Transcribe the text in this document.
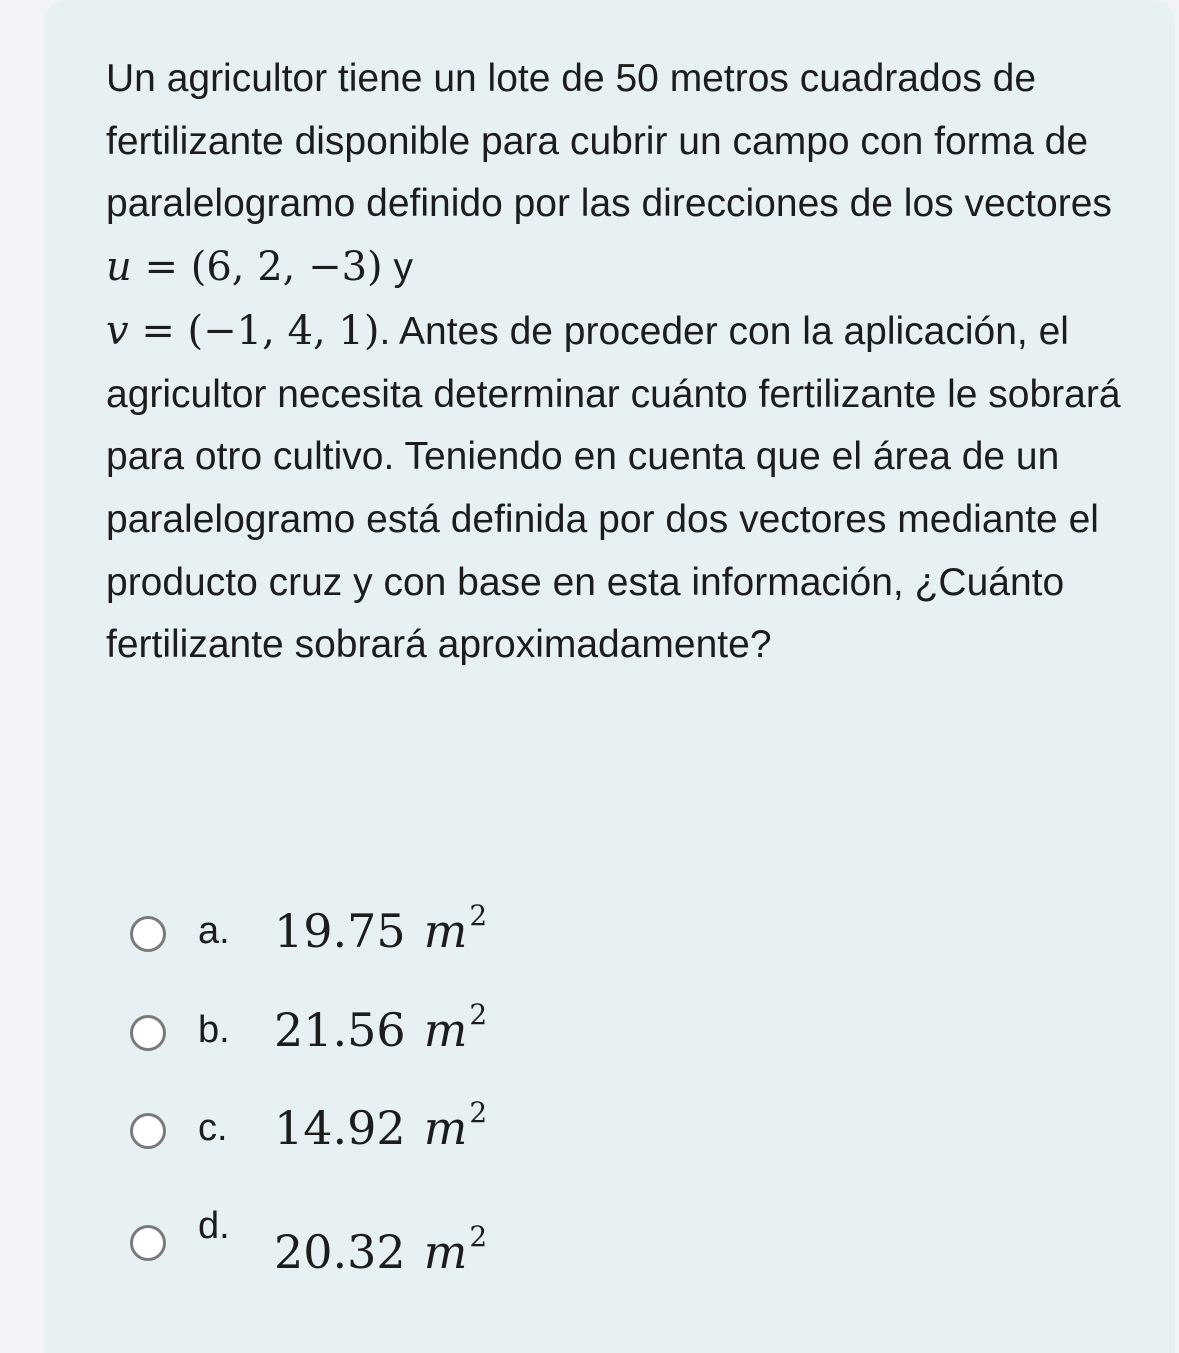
Un agricultor tiene un lote de 50 metros cuadrados de fertilizante disponible para cubrir un campo con forma de paralelogramo definido por las direcciones de los vectores u = (6, 2, −3) y
v = (−1, 4, 1). Antes de proceder con la aplicación, el agricultor necesita determinar cuánto fertilizante le sobrará para otro cultivo. Teniendo en cuenta que el área de un paralelogramo está definida por dos vectores mediante el producto cruz y con base en esta información, ¿Cuánto fertilizante sobrará aproximadamente?

a. 19.75 $m^2$
b. 21.56 $m^2$
c. 14.92 $m^2$
d. 20.32 $m^2$
